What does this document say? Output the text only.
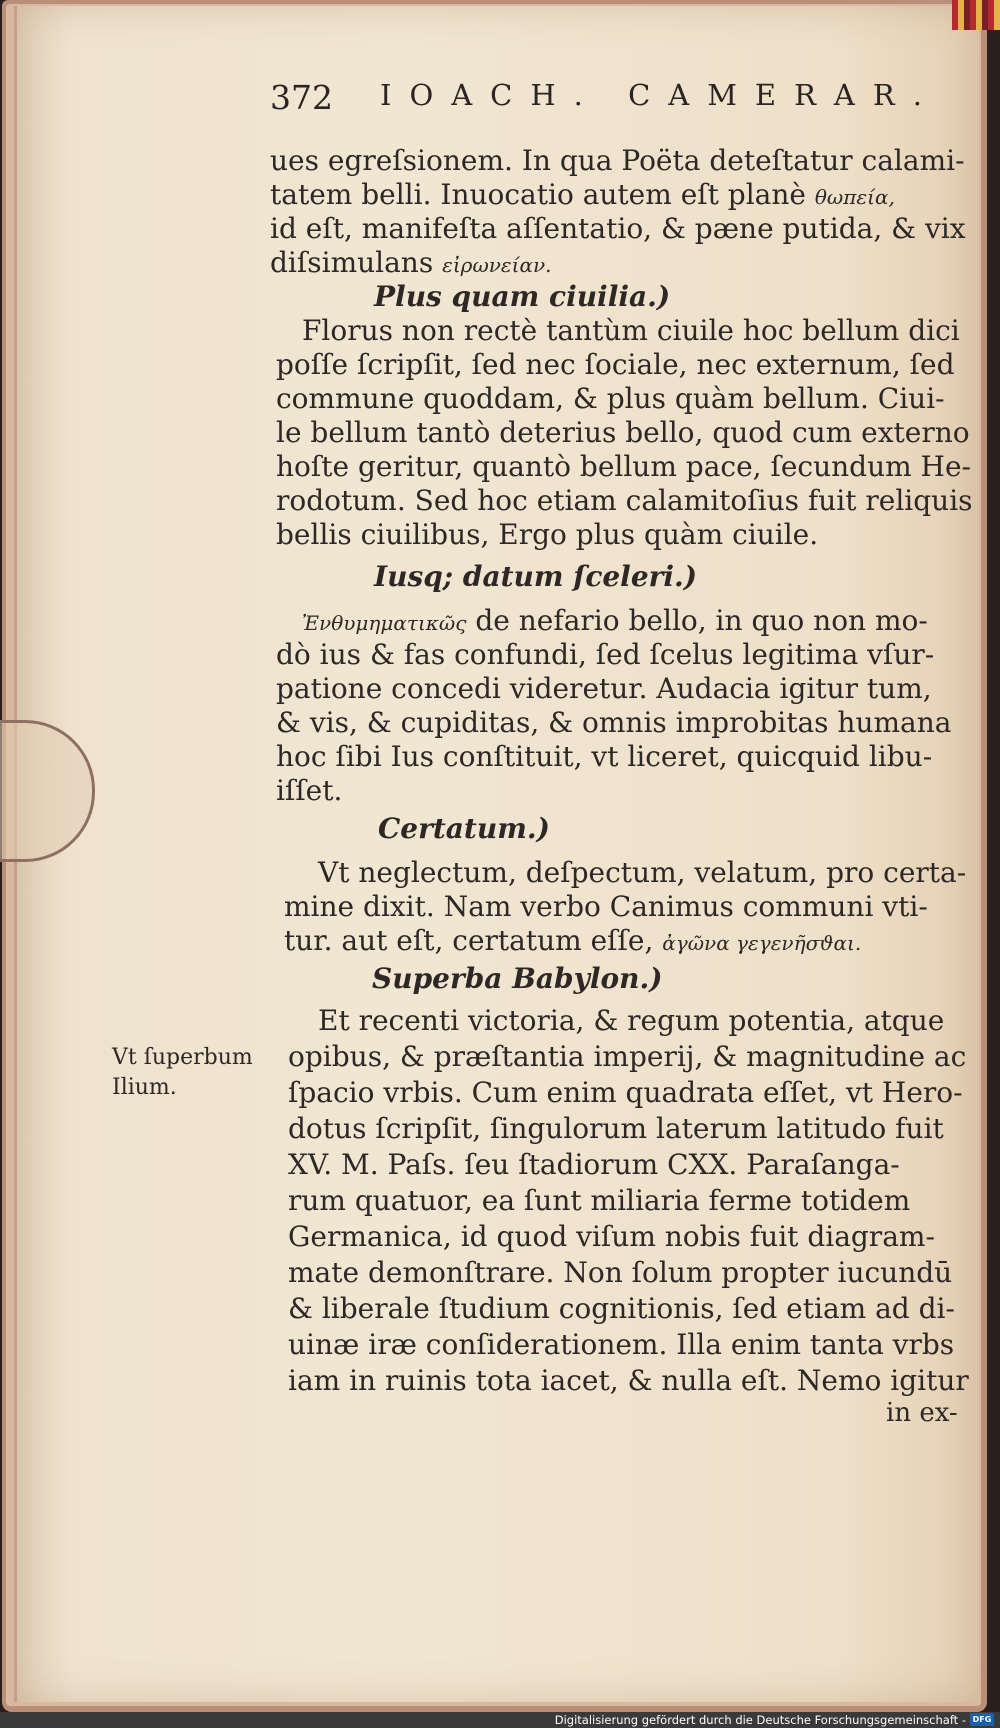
372 IOACH. CAMERAR.
ues egreſsionem. In qua Poëta deteſtatur calami-
tatem belli. Inuocatio autem eſt planè θωπεία,
id eſt, manifeſta aſſentatio, & pæne putida, & vix
diſsimulans εἰρωνείαν.
Plus quam ciuilia.)
Florus non rectè tantùm ciuile hoc bellum dici
poſſe ſcripſit, ſed nec ſociale, nec externum, ſed
commune quoddam, & plus quàm bellum. Ciui-
le bellum tantò deterius bello, quod cum externo
hoſte geritur, quantò bellum pace, ſecundum He-
rodotum. Sed hoc etiam calamitoſius fuit reliquis
bellis ciuilibus, Ergo plus quàm ciuile.
Iusq; datum ſceleri.)
Ἐνθυμηματικῶς de nefario bello, in quo non mo-
dò ius & fas confundi, ſed ſcelus legitima vſur-
patione concedi videretur. Audacia igitur tum,
& vis, & cupiditas, & omnis improbitas humana
hoc ſibi Ius conſtituit, vt liceret, quicquid libu-
iſſet.
Certatum.)
Vt neglectum, deſpectum, velatum, pro certa-
mine dixit. Nam verbo Canimus communi vti-
tur. aut eſt, certatum eſſe, ἀγῶνα γεγενῆσϑαι.
Superba Babylon.)
Et recenti victoria, & regum potentia, atque
opibus, & præſtantia imperij, & magnitudine ac
ſpacio vrbis. Cum enim quadrata eſſet, vt Hero-
dotus ſcripſit, ſingulorum laterum latitudo fuit
XV. M. Paſs. ſeu ſtadiorum CXX. Paraſanga-
rum quatuor, ea ſunt miliaria ferme totidem
Germanica, id quod viſum nobis fuit diagram-
mate demonſtrare. Non ſolum propter iucundū
& liberale ſtudium cognitionis, ſed etiam ad di-
uinæ iræ conſiderationem. Illa enim tanta vrbs
iam in ruinis tota iacet, & nulla eſt. Nemo igitur
Vt ſuperbum
Ilium.
in ex-
Digitalisierung gefördert durch die Deutsche Forschungsgemeinschaft - DFG
